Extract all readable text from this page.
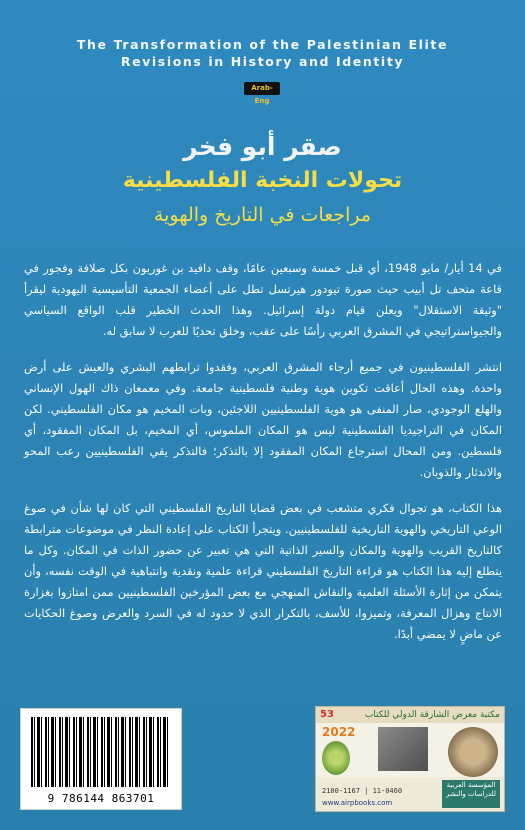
The Transformation of the Palestinian Elite
Revisions in History and Identity
Arab-Eng
صقر أبو فخر
تحولات النخبة الفلسطينية
مراجعات في التاريخ والهوية

في 14 أيار/ مايو 1948، أي قبل خمسة وسبعين عامًا، وقف دافيد بن غوريون بكل صلافة وفجور في قاعة متحف تل أبيب حيث صورة تيودور هيرتسل تطل على أعضاء الجمعية التأسيسية اليهودية ليقرأ "وثيقة الاستقلال" ويعلن قيام دولة إسرائيل. وهذا الحدث الخطير قلب الواقع السياسي والجيواستراتيجي في المشرق العربي رأسًا على عقب، وخلق تحديًا للعرب لا سابق له.

انتشر الفلسطينيون في جميع أرجاء المشرق العربي، وفقدوا ترابطهم البشري والعيش على أرض واحدة. وهذه الحال أعاقت تكوين هوية وطنية فلسطينية جامعة. وفي معمعان ذاك الهول الإنساني والهلع الوجودي، صار المنفى هو هوية الفلسطينيين اللاجئين، وبات المخيم هو مكان الفلسطيني. لكن المكان في التراجيديا الفلسطينية ليس هو المكان الملموس، أي المخيم، بل المكان المفقود، أي فلسطين. ومن المحال استرجاع المكان المفقود إلا بالتذكر؛ فالتذكر يقي الفلسطينيين رعب المحو والاندثار والذوبان.

هذا الكتاب، هو تجوال فكري متشعب في بعض قضايا التاريخ الفلسطيني التي كان لها شأن في صوغ الوعي التاريخي والهوية التاريخية للفلسطينيين. ويتجرأ الكتاب على إعادة النظر في موضوعات مترابطة كالتاريخ القريب والهوية والمكان والسير الذاتية التي هي تعبير عن حضور الذات في المكان. وكل ما يتطلع إليه هذا الكتاب هو قراءة التاريخ الفلسطيني قراءة علمية ونقدية وانتباهية في الوقت نفسه، وأن يتمكن من إثارة الأسئلة العلمية والنقاش المنهجي مع بعض المؤرخين الفلسطينيين ممن امتازوا بغزارة الانتاج وهزال المعرفة، وتميزوا، للأسف، بالتكرار الذي لا حدود له في السرد والعرض وصوغ الحكايات عن ماضٍ لا يمضي أبدًا.

9 786144 863701
مكتبة معرض الشارقة الدولي للكتاب
53
2022
2100-1167 | 11-0460
www.airpbooks.com
المؤسسة العربية للدراسات والنشر
